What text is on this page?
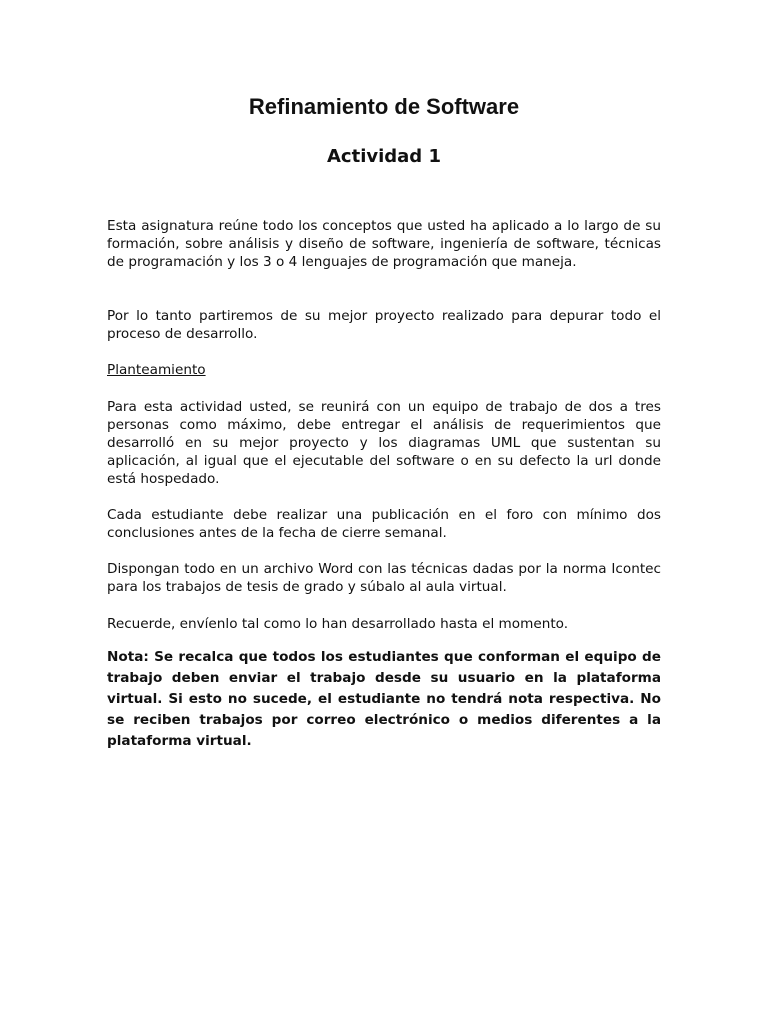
Refinamiento de Software
Actividad 1

Esta asignatura reúne todo los conceptos que usted ha aplicado a lo largo de su formación, sobre análisis y diseño de software, ingeniería de software, técnicas de programación y los 3 o 4 lenguajes de programación que maneja.

Por lo tanto partiremos de su mejor proyecto realizado para depurar todo el proceso de desarrollo.

Planteamiento

Para esta actividad usted, se reunirá con un equipo de trabajo de dos a tres personas como máximo, debe entregar el análisis de requerimientos que desarrolló en su mejor proyecto y los diagramas UML que sustentan su aplicación, al igual que el ejecutable del software o en su defecto la url donde está hospedado.

Cada estudiante debe realizar una publicación en el foro con mínimo dos conclusiones antes de la fecha de cierre semanal.

Dispongan todo en un archivo Word con las técnicas dadas por la norma Icontec para los trabajos de tesis de grado y súbalo al aula virtual.

Recuerde, envíenlo tal como lo han desarrollado hasta el momento.

Nota: Se recalca que todos los estudiantes que conforman el equipo de trabajo deben enviar el trabajo desde su usuario en la plataforma virtual. Si esto no sucede, el estudiante no tendrá nota respectiva. No se reciben trabajos por correo electrónico o medios diferentes a la plataforma virtual.
